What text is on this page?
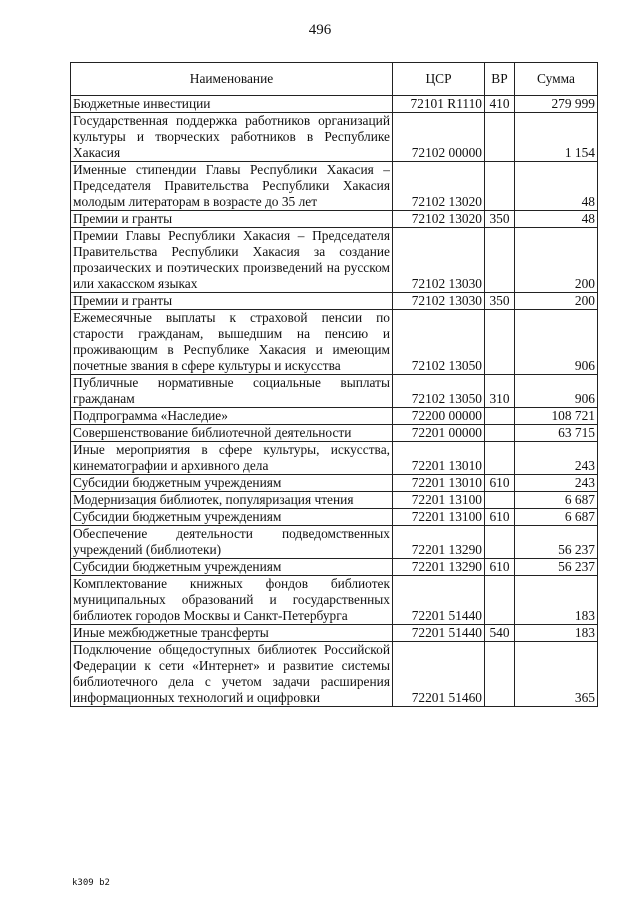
496
Наименование	ЦСР	ВР	Сумма
Бюджетные инвестиции	72101 R1110	410	279 999
Государственная поддержка работников организаций культуры и творческих работников в Республике Хакасия	72102 00000		1 154
Именные стипендии Главы Республики Хакасия – Председателя Правительства Республики Хакасия молодым литераторам в возрасте до 35 лет	72102 13020		48
Премии и гранты	72102 13020	350	48
Премии Главы Республики Хакасия – Председателя Правительства Республики Хакасия за создание прозаических и поэтических произведений на русском или хакасском языках	72102 13030		200
Премии и гранты	72102 13030	350	200
Ежемесячные выплаты к страховой пенсии по старости гражданам, вышедшим на пенсию и проживающим в Республике Хакасия и имеющим почетные звания в сфере культуры и искусства	72102 13050		906
Публичные нормативные социальные выплаты гражданам	72102 13050	310	906
Подпрограмма «Наследие»	72200 00000		108 721
Совершенствование библиотечной деятельности	72201 00000		63 715
Иные мероприятия в сфере культуры, искусства, кинематографии и архивного дела	72201 13010		243
Субсидии бюджетным учреждениям	72201 13010	610	243
Модернизация библиотек, популяризация чтения	72201 13100		6 687
Субсидии бюджетным учреждениям	72201 13100	610	6 687
Обеспечение деятельности подведомственных учреждений (библиотеки)	72201 13290		56 237
Субсидии бюджетным учреждениям	72201 13290	610	56 237
Комплектование книжных фондов библиотек муниципальных образований и государственных библиотек городов Москвы и Санкт-Петербурга	72201 51440		183
Иные межбюджетные трансферты	72201 51440	540	183
Подключение общедоступных библиотек Российской Федерации к сети «Интернет» и развитие системы библиотечного дела с учетом задачи расширения информационных технологий и оцифровки	72201 51460		365
k309 b2
